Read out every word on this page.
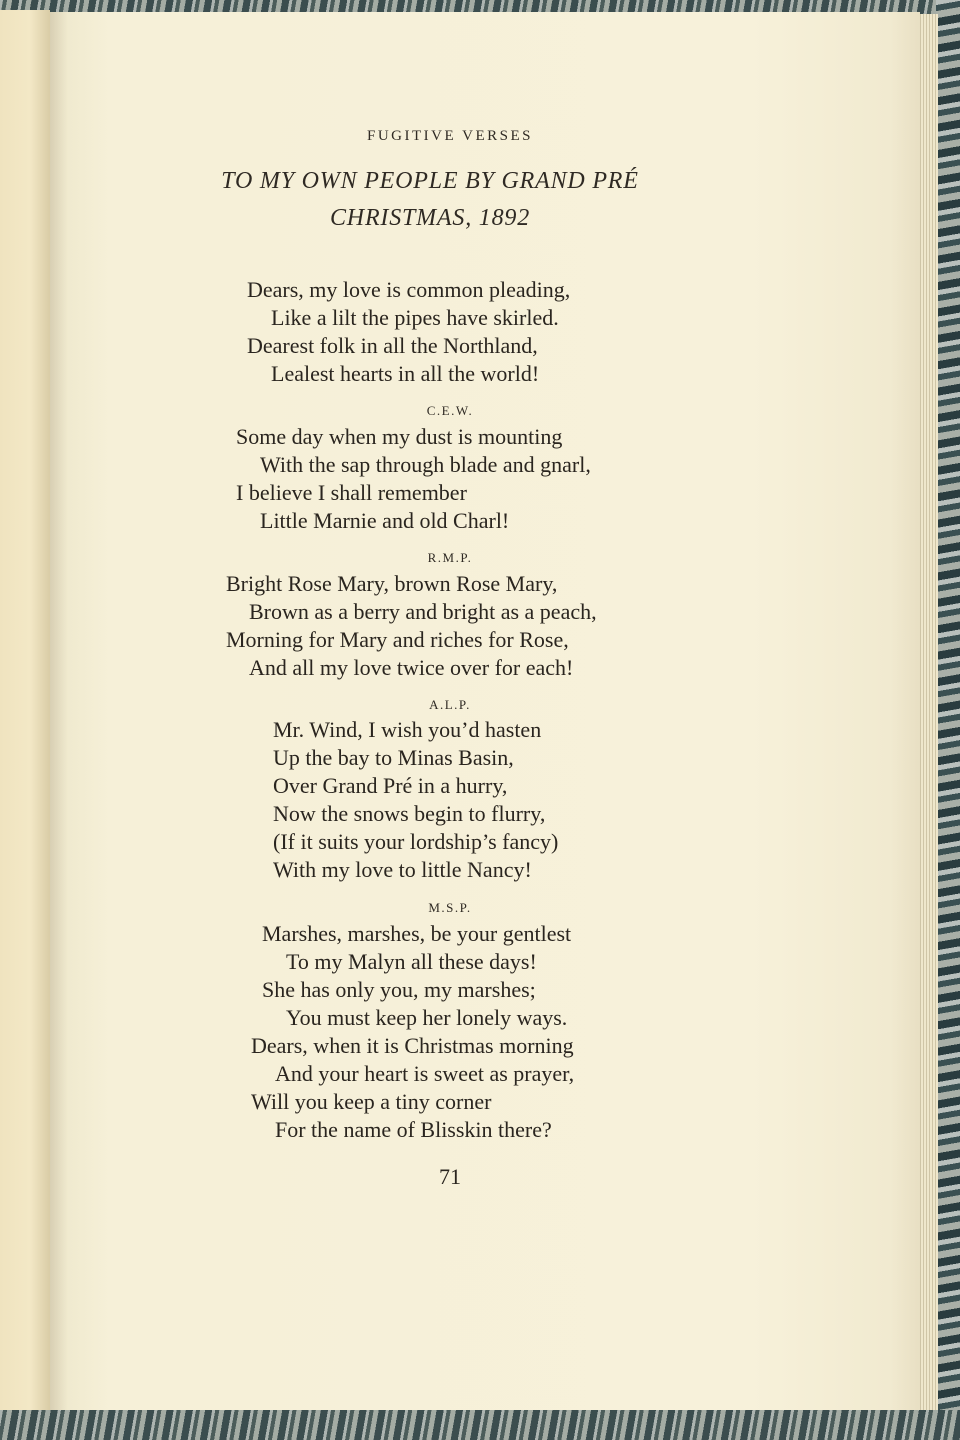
FUGITIVE VERSES
TO MY OWN PEOPLE BY GRAND PRÉ
CHRISTMAS, 1892
Dears, my love is common pleading,
Like a lilt the pipes have skirled.
Dearest folk in all the Northland,
Lealest hearts in all the world!
C.E.W.
Some day when my dust is mounting
With the sap through blade and gnarl,
I believe I shall remember
Little Marnie and old Charl!
R.M.P.
Bright Rose Mary, brown Rose Mary,
Brown as a berry and bright as a peach,
Morning for Mary and riches for Rose,
And all my love twice over for each!
A.L.P.
Mr. Wind, I wish you’d hasten
Up the bay to Minas Basin,
Over Grand Pré in a hurry,
Now the snows begin to flurry,
(If it suits your lordship’s fancy)
With my love to little Nancy!
M.S.P.
Marshes, marshes, be your gentlest
To my Malyn all these days!
She has only you, my marshes;
You must keep her lonely ways.
Dears, when it is Christmas morning
And your heart is sweet as prayer,
Will you keep a tiny corner
For the name of Blisskin there?
71
